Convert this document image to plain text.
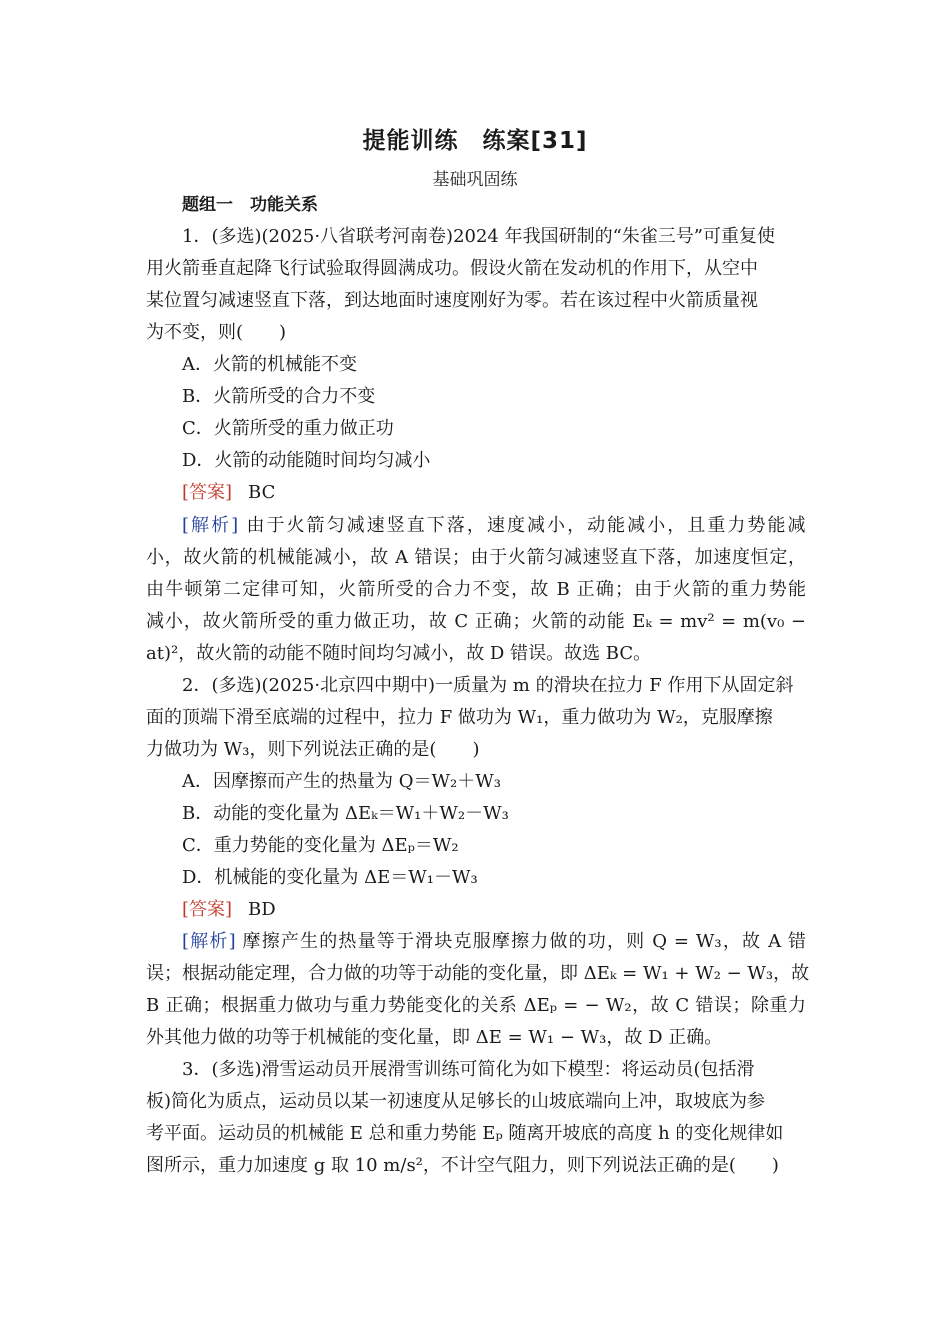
提能训练　练案[31]
基础巩固练
题组一　功能关系
1．(多选)(2025·八省联考河南卷)2024 年我国研制的“朱雀三号”可重复使
用火箭垂直起降飞行试验取得圆满成功。假设火箭在发动机的作用下，从空中
某位置匀减速竖直下落，到达地面时速度刚好为零。若在该过程中火箭质量视
为不变，则(　　)
A．火箭的机械能不变
B．火箭所受的合力不变
C．火箭所受的重力做正功
D．火箭的动能随时间均匀减小
[答案] BC
[解析] 由于火箭匀减速竖直下落，速度减小，动能减小，且重力势能减
小，故火箭的机械能减小，故 A 错误；由于火箭匀减速竖直下落，加速度恒定，
由牛顿第二定律可知，火箭所受的合力不变，故 B 正确；由于火箭的重力势能
减小，故火箭所受的重力做正功，故 C 正确；火箭的动能 Eₖ = mv² = m(v₀ −
at)²，故火箭的动能不随时间均匀减小，故 D 错误。故选 BC。
2．(多选)(2025·北京四中期中)一质量为 m 的滑块在拉力 F 作用下从固定斜
面的顶端下滑至底端的过程中，拉力 F 做功为 W₁，重力做功为 W₂，克服摩擦
力做功为 W₃，则下列说法正确的是(　　)
A．因摩擦而产生的热量为 Q＝W₂＋W₃
B．动能的变化量为 ΔEₖ＝W₁＋W₂－W₃
C．重力势能的变化量为 ΔEₚ＝W₂
D．机械能的变化量为 ΔE＝W₁－W₃
[答案] BD
[解析] 摩擦产生的热量等于滑块克服摩擦力做的功，则 Q = W₃，故 A 错
误；根据动能定理，合力做的功等于动能的变化量，即 ΔEₖ = W₁ + W₂ − W₃，故
B 正确；根据重力做功与重力势能变化的关系 ΔEₚ = − W₂，故 C 错误；除重力
外其他力做的功等于机械能的变化量，即 ΔE = W₁ − W₃，故 D 正确。
3．(多选)滑雪运动员开展滑雪训练可简化为如下模型：将运动员(包括滑
板)简化为质点，运动员以某一初速度从足够长的山坡底端向上冲，取坡底为参
考平面。运动员的机械能 E 总和重力势能 Eₚ 随离开坡底的高度 h 的变化规律如
图所示，重力加速度 g 取 10 m/s²，不计空气阻力，则下列说法正确的是(　　)
